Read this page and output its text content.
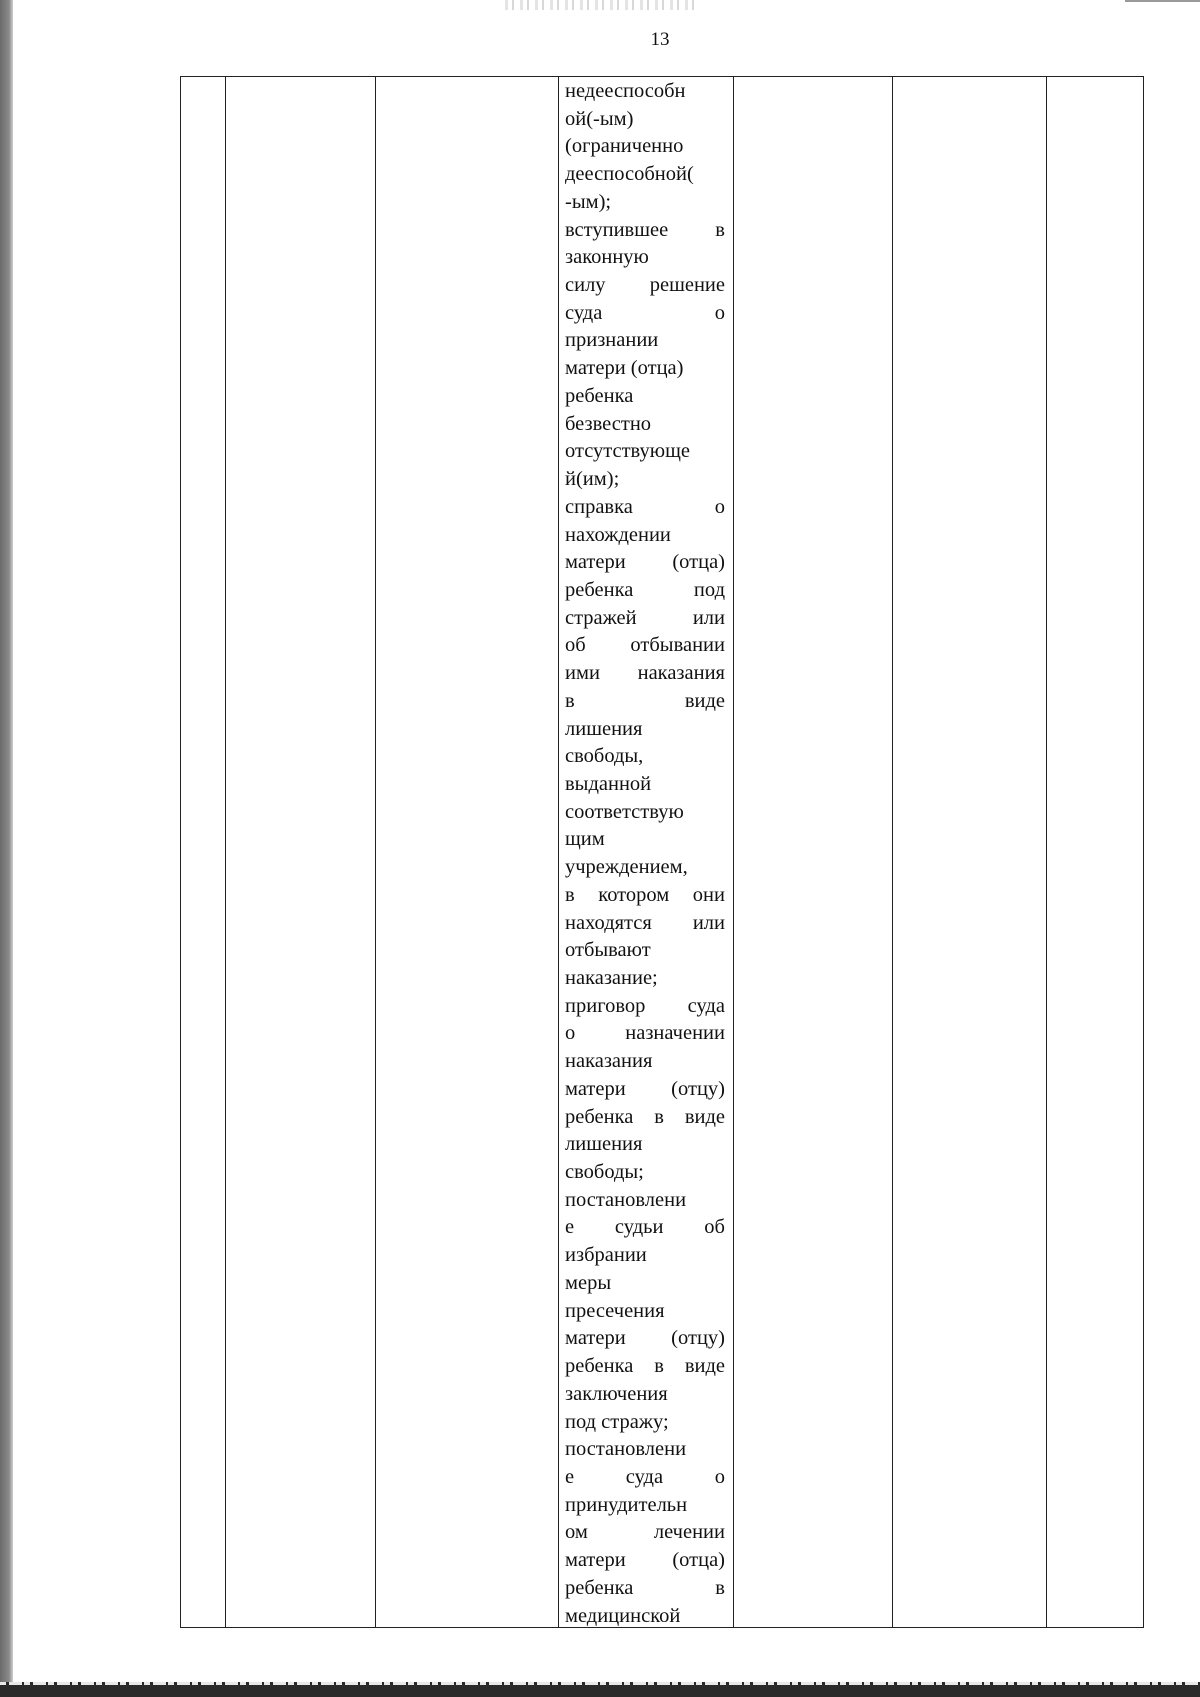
13
недееспособн
ой(-ым)
(ограниченно
дееспособной(
-ым);
вступившее в
законную
силу решение
суда о
признании
матери (отца)
ребенка
безвестно
отсутствующе
й(им);
справка о
нахождении
матери (отца)
ребенка под
стражей или
об отбывании
ими наказания
в виде
лишения
свободы,
выданной
соответствую
щим
учреждением,
в котором они
находятся или
отбывают
наказание;
приговор суда
о назначении
наказания
матери (отцу)
ребенка в виде
лишения
свободы;
постановлени
е судьи об
избрании
меры
пресечения
матери (отцу)
ребенка в виде
заключения
под стражу;
постановлени
е суда о
принудительн
ом лечении
матери (отца)
ребенка в
медицинской
